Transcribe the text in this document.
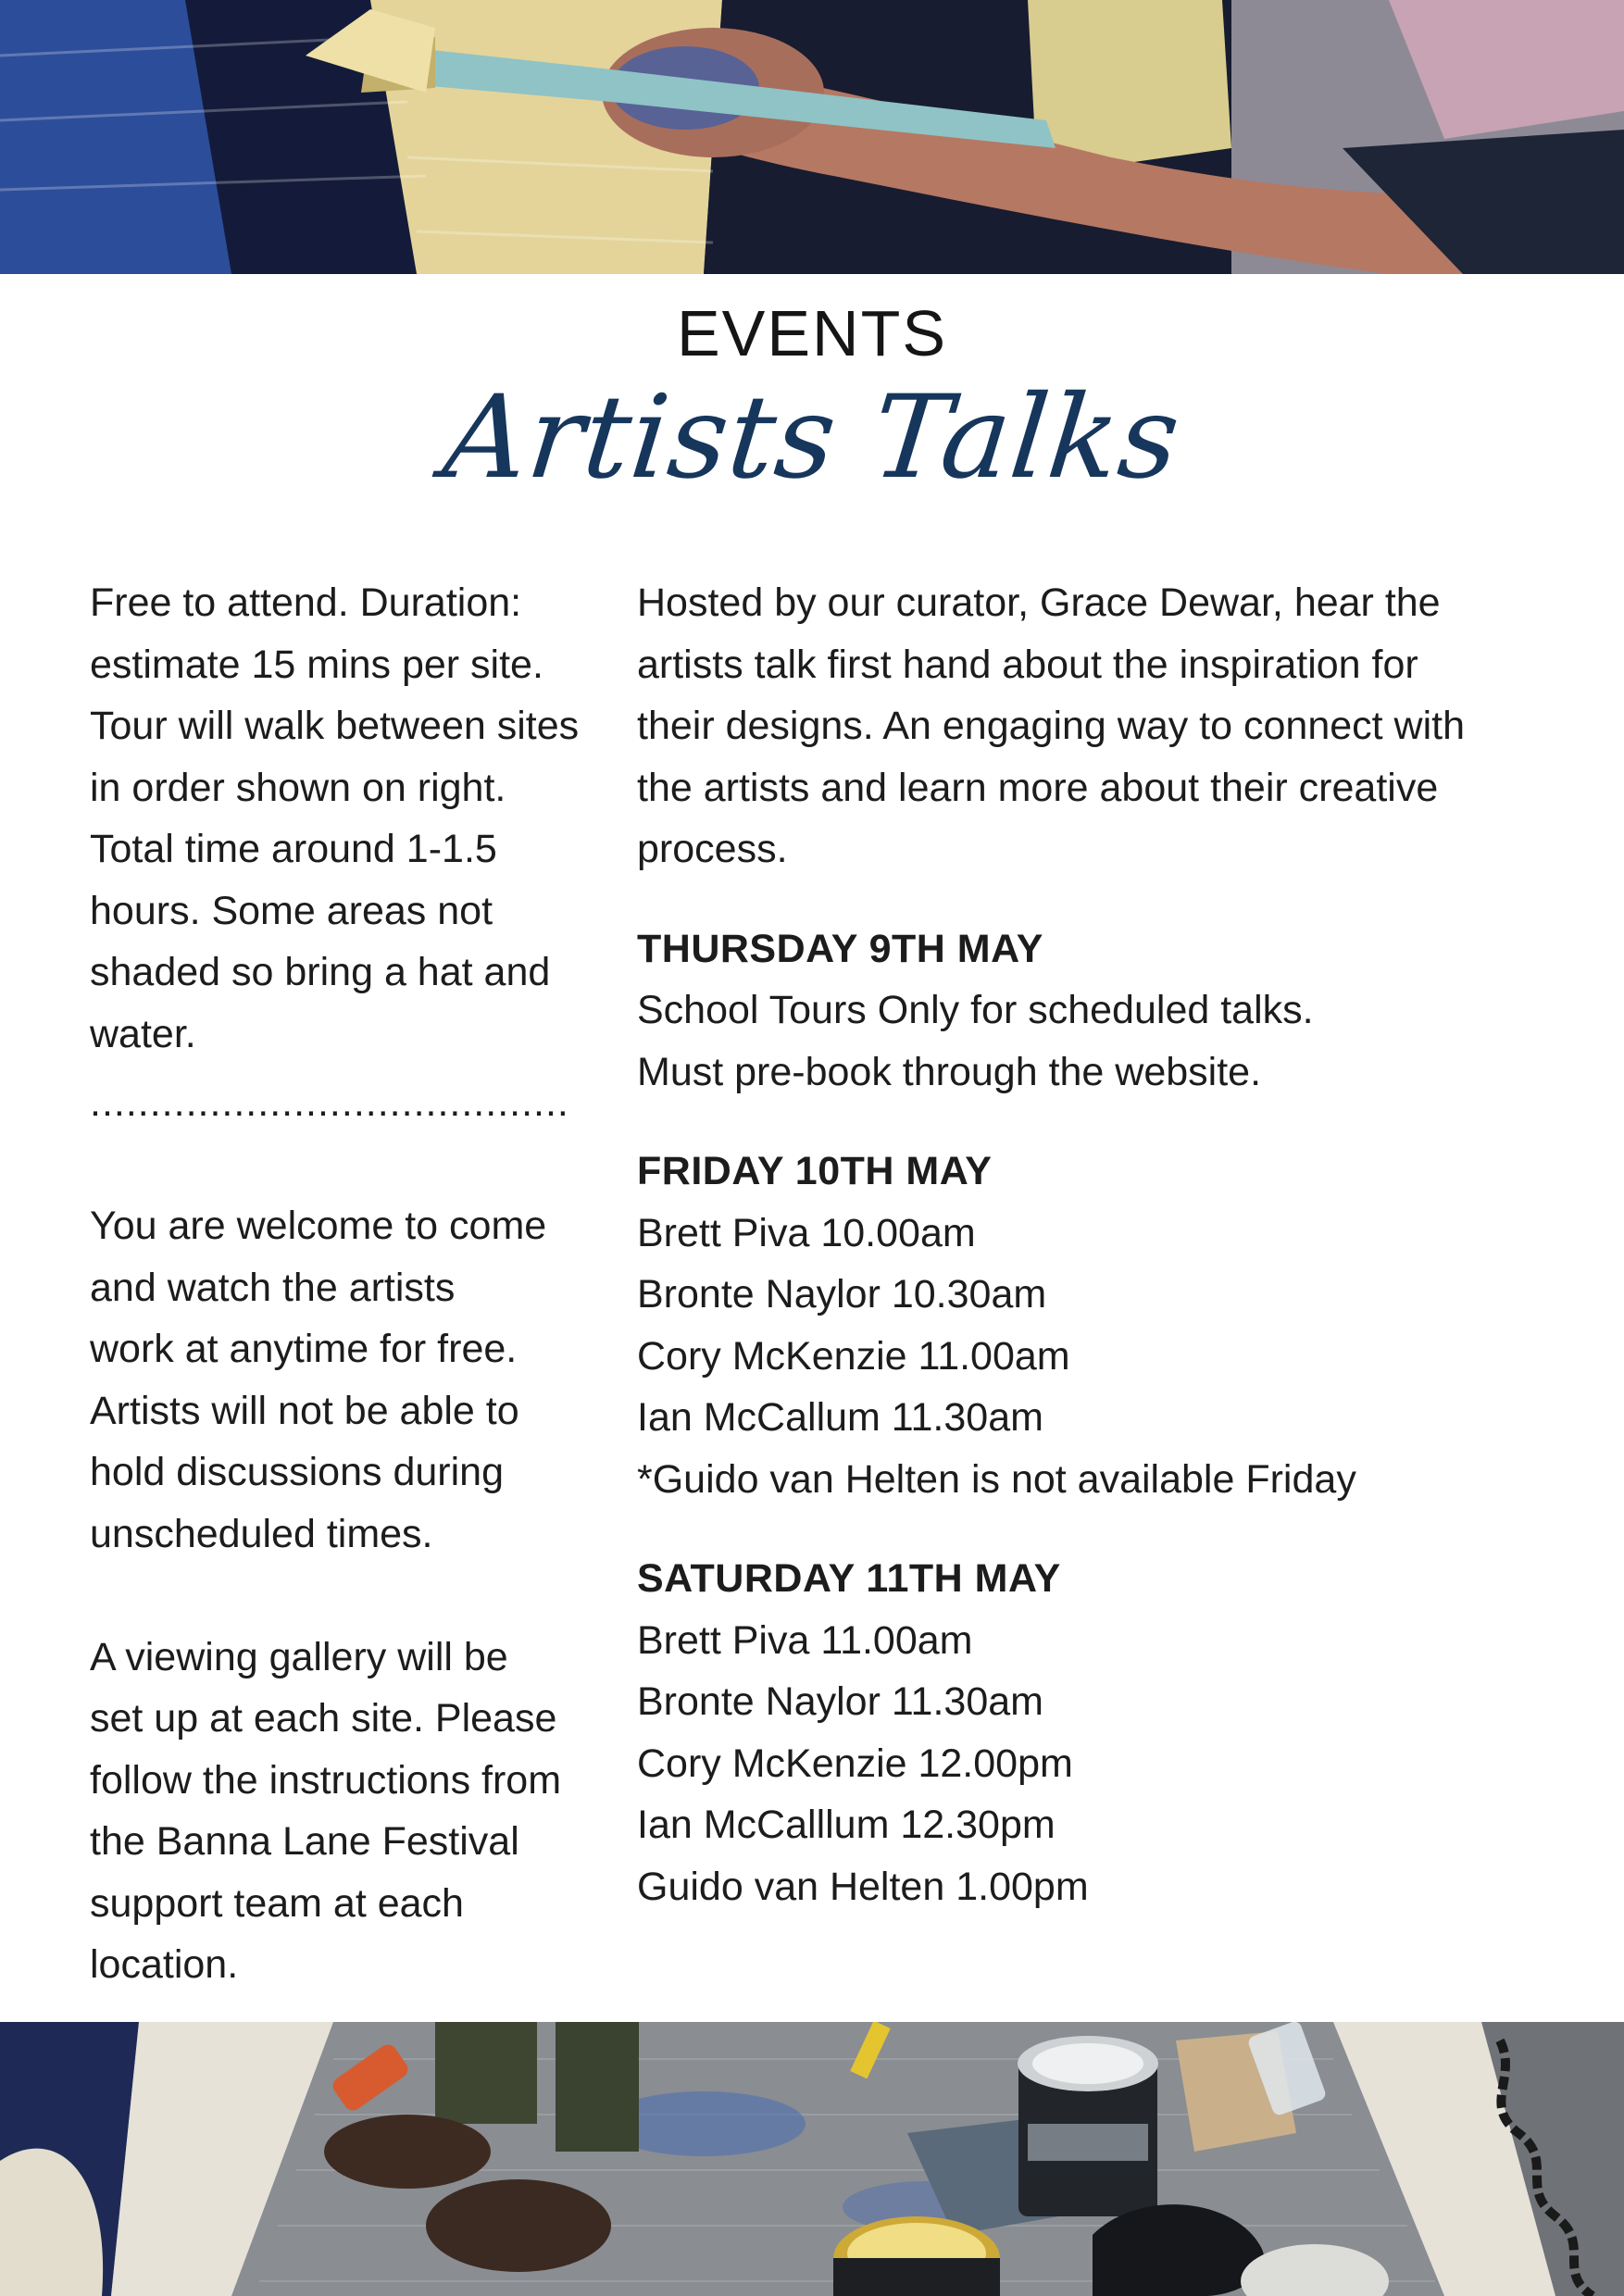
EVENTS
Artists Talks

Free to attend. Duration:

estimate 15 mins per site.

Tour will walk between sites

in order shown on right.

Total time around 1-1.5

hours. Some areas not

shaded so bring a hat and

water.

........................................

You are welcome to come

and watch the artists

work at anytime for free.

Artists will not be able to

hold discussions during

unscheduled times.

A viewing gallery will be

set up at each site. Please

follow the instructions from

the Banna Lane Festival

support team at each

location.

Hosted by our curator, Grace Dewar, hear the

artists talk first hand about the inspiration for

their designs. An engaging way to connect with

the artists and learn more about their creative

process.

THURSDAY 9TH MAY

School Tours Only for scheduled talks.

Must pre-book through the website.

FRIDAY 10TH MAY

Brett Piva 10.00am

Bronte Naylor 10.30am

Cory McKenzie 11.00am

Ian McCallum 11.30am

*Guido van Helten is not available Friday

SATURDAY 11TH MAY

Brett Piva 11.00am

Bronte Naylor 11.30am

Cory McKenzie 12.00pm

Ian McCalllum 12.30pm

Guido van Helten 1.00pm
